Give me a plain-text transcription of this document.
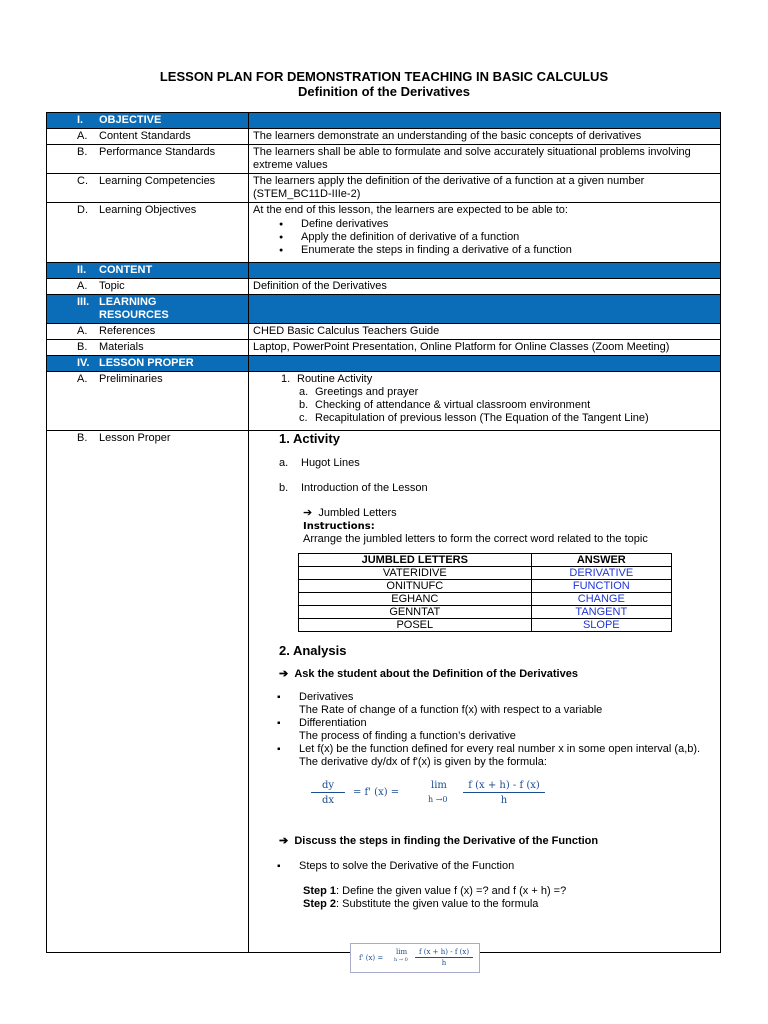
LESSON PLAN FOR DEMONSTRATION TEACHING IN BASIC CALCULUS
Definition of the Derivatives
I. OBJECTIVE	
A. Content Standards	The learners demonstrate an understanding of the basic concepts of derivatives
B. Performance Standards	The learners shall be able to formulate and solve accurately situational problems involving extreme values
C. Learning Competencies	The learners apply the definition of the derivative of a function at a given number (STEM_BC11D-IIIe-2)
D. Learning Objectives	At the end of this lesson, the learners are expected to be able to:
● Define derivatives
● Apply the definition of derivative of a function
● Enumerate the steps in finding a derivative of a function

II. CONTENT	
A. Topic	Definition of the Derivatives
III. LEARNING RESOURCES	
A. References	CHED Basic Calculus Teachers Guide
B. Materials	Laptop, PowerPoint Presentation, Online Platform for Online Classes (Zoom Meeting)
IV. LESSON PROPER	
A. Preliminaries	1. Routine Activity
a. Greetings and prayer
b. Checking of attendance & virtual classroom environment
c. Recapitulation of previous lesson (The Equation of the Tangent Line)

B. Lesson Proper	1. Activity
a. Hugot Lines
b. Introduction of the Lesson
➔ Jumbled Letters
Instructions:
Arrange the jumbled letters to form the correct word related to the topic
JUMBLED LETTERS	ANSWER
VATERIDIVE	DERIVATIVE
ONITNUFC	FUNCTION
EGHANC	CHANGE
GENNTAT	TANGENT
POSEL	SLOPE
2. Analysis
➔ Ask the student about the Definition of the Derivatives
▪ Derivatives
The Rate of change of a function f(x) with respect to a variable
▪ Differentiation
The process of finding a function’s derivative
▪ Let f(x) be the function defined for every real number x in some open interval (a,b).
The derivative dy/dx of f'(x) is given by the formula:
dy
dx
= f' (x) =
lim
h →0
f (x + h) - f (x)
h
➔ Discuss the steps in finding the Derivative of the Function
▪ Steps to solve the Derivative of the Function
Step 1: Define the given value f (x) =? and f (x + h) =?
Step 2: Substitute the given value to the formula
f' (x) =
lim
h → 0
f (x + h) - f (x)
h
